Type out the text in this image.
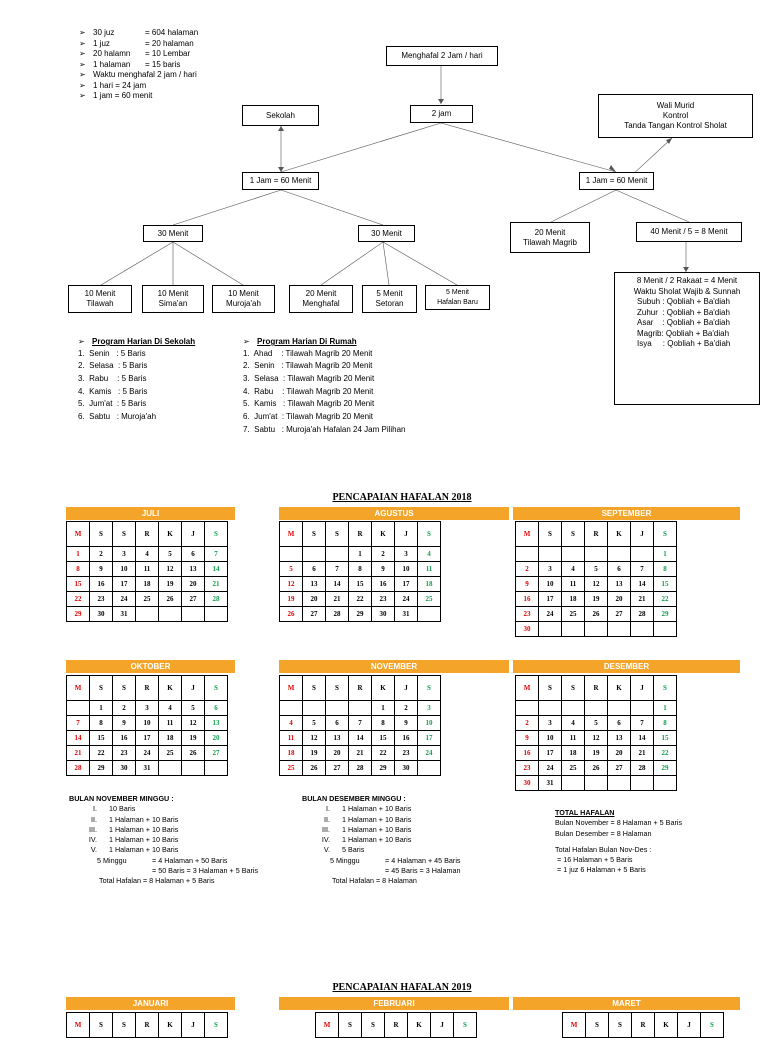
➢ 30 juz	= 604 halaman
➢ 1 juz	= 20 halaman
➢ 20 halamn	= 10 Lembar
➢ 1 halaman	= 15 baris
➢ Waktu menghafal 2 jam / hari
➢ 1 hari = 24 jam
➢ 1 jam = 60 menit
Menghafal 2 Jam / hari
Sekolah	2 jam
Wali Murid
Kontrol
Tanda Tangan Kontrol Sholat
1 Jam = 60 Menit	1 Jam = 60 Menit
30 Menit	30 Menit	20 Menit
Tilawah Magrib
40 Menit / 5 = 8 Menit
10 Menit
Tilawah
10 Menit
Sima'an
10 Menit
Muroja'ah
20 Menit
Menghafal
5 Menit
Setoran
5 Menit
Hafalan Baru
8 Menit / 2 Rakaat = 4 Menit
Waktu Sholat Wajib & Sunnah
Subuh : Qobliah + Ba'diah
Zuhur  : Qobliah + Ba'diah
Asar    : Qobliah + Ba'diah
Magrib: Qobliah + Ba'diah
Isya     : Qobliah + Ba'diah
➢ Program Harian Di Sekolah
1.  Senin   : 5 Baris
2.  Selasa  : 5 Baris
3.  Rabu    : 5 Baris
4.  Kamis   : 5 Baris
5.  Jum'at  : 5 Baris
6.  Sabtu   : Muroja'ah
➢ Program Harian Di Rumah
1.  Ahad    : Tilawah Magrib 20 Menit
2.  Senin   : Tilawah Magrib 20 Menit
3.  Selasa  : Tilawah Magrib 20 Menit
4.  Rabu    : Tilawah Magrib 20 Menit
5.  Kamis   : Tilawah Magrib 20 Menit
6.  Jum'at  : Tilawah Magrib 20 Menit
7.  Sabtu   : Muroja'ah Hafalan 24 Jam Pilihan
PENCAPAIAN HAFALAN 2018
JULI
M	S	S	R	K	J	S
1	2	3	4	5	6	7
8	9	10	11	12	13	14
15	16	17	18	19	20	21
22	23	24	25	26	27	28
29	30	31				
AGUSTUS
M	S	S	R	K	J	S
			1	2	3	4
5	6	7	8	9	10	11
12	13	14	15	16	17	18
19	20	21	22	23	24	25
26	27	28	29	30	31	
SEPTEMBER
M	S	S	R	K	J	S
						1
2	3	4	5	6	7	8
9	10	11	12	13	14	15
16	17	18	19	20	21	22
23	24	25	26	27	28	29
30						
OKTOBER
M	S	S	R	K	J	S
	1	2	3	4	5	6
7	8	9	10	11	12	13
14	15	16	17	18	19	20
21	22	23	24	25	26	27
28	29	30	31			
NOVEMBER
M	S	S	R	K	J	S
				1	2	3
4	5	6	7	8	9	10
11	12	13	14	15	16	17
18	19	20	21	22	23	24
25	26	27	28	29	30	
DESEMBER
M	S	S	R	K	J	S
						1
2	3	4	5	6	7	8
9	10	11	12	13	14	15
16	17	18	19	20	21	22
23	24	25	26	27	28	29
30	31					
BULAN NOVEMBER MINGGU :
I. 10 Baris
II. 1 Halaman + 10 Baris
III. 1 Halaman + 10 Baris
IV. 1 Halaman + 10 Baris
V. 1 Halaman + 10 Baris
5 Minggu	= 4 Halaman + 50 Baris
= 50 Baris = 3 Halaman + 5 Baris
Total Hafalan = 8 Halaman + 5 Baris
BULAN DESEMBER MINGGU :
I. 1 Halaman + 10 Baris
II. 1 Halaman + 10 Baris
III. 1 Halaman + 10 Baris
IV. 1 Halaman + 10 Baris
V. 5 Baris
5 Minggu	= 4 Halaman + 45 Baris
= 45 Baris = 3 Halaman
Total Hafalan = 8 Halaman
TOTAL HAFALAN
Bulan November = 8 Halaman + 5 Baris
Bulan Desember = 8 Halaman
Total Hafalan Bulan Nov-Des :
= 16 Halaman + 5 Baris
= 1 juz 6 Halaman + 5 Baris
PENCAPAIAN HAFALAN 2019
JANUARI
M	S	S	R	K	J	S
FEBRUARI
M	S	S	R	K	J	S
MARET
M	S	S	R	K	J	S
